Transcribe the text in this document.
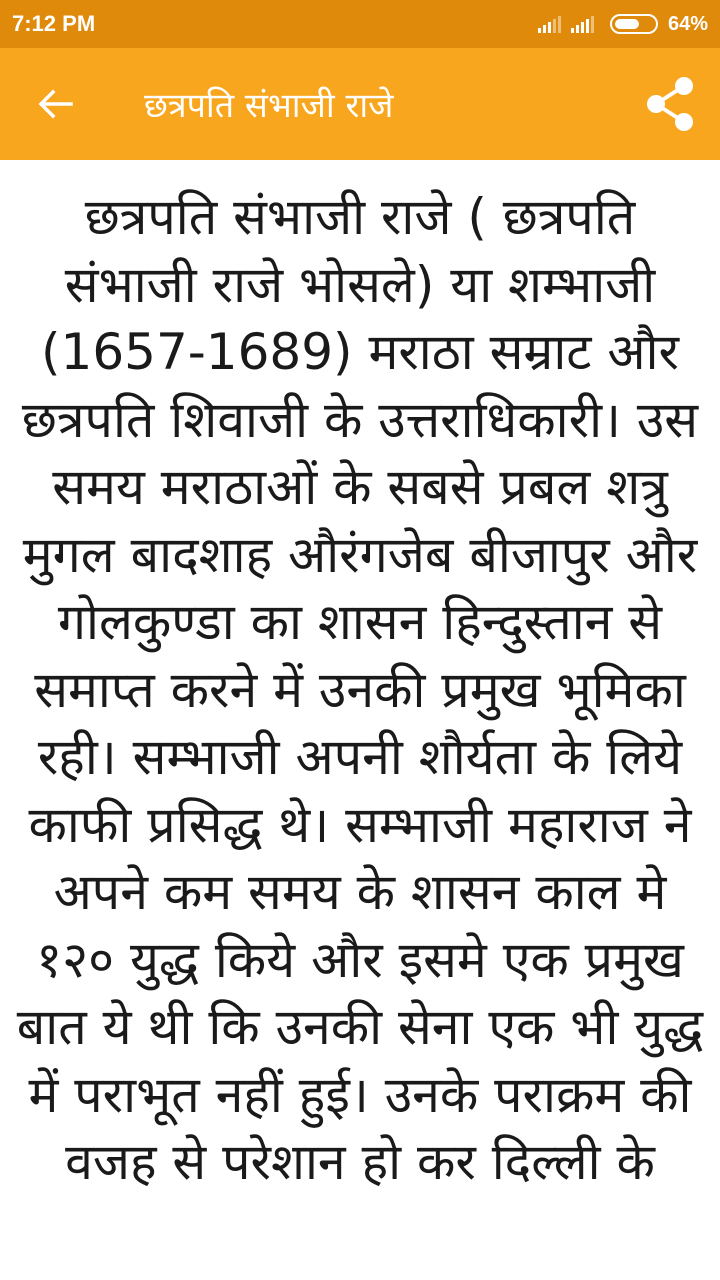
7:12 PM	64%
छत्रपति संभाजी राजे

छत्रपति संभाजी राजे ( छत्रपति संभाजी राजे भोसले) या शम्भाजी (1657-1689) मराठा सम्राट और छत्रपति शिवाजी के उत्तराधिकारी। उस समय मराठाओं के सबसे प्रबल शत्रु मुगल बादशाह औरंगजेब बीजापुर और गोलकुण्डा का शासन हिन्दुस्तान से समाप्त करने में उनकी प्रमुख भूमिका रही। सम्भाजी अपनी शौर्यता के लिये काफी प्रसिद्ध थे। सम्भाजी महाराज ने अपने कम समय के शासन काल मे १२० युद्ध किये और इसमे एक प्रमुख बात ये थी कि उनकी सेना एक भी युद्ध में पराभूत नहीं हुई। उनके पराक्रम की वजह से परेशान हो कर दिल्ली के
